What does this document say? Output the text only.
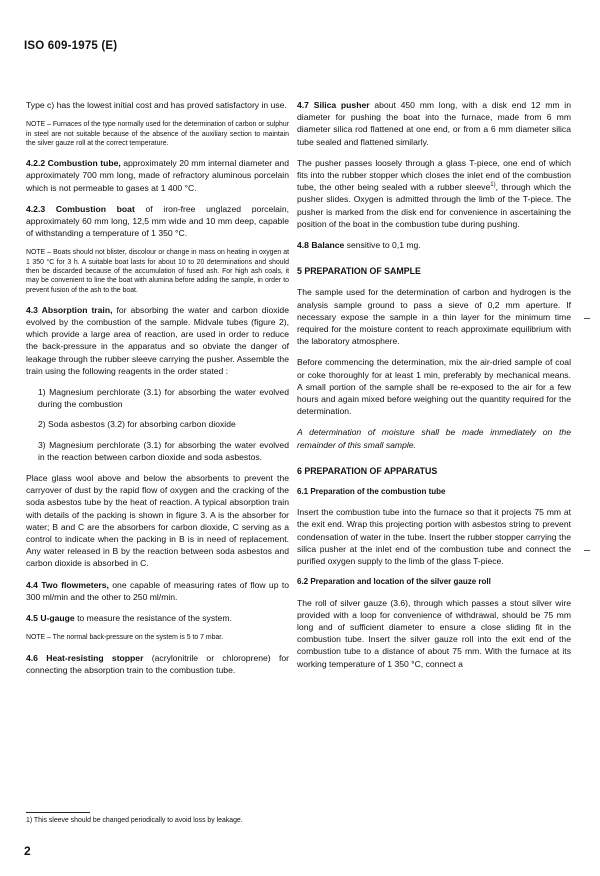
ISO 609-1975 (E)

Type c) has the lowest initial cost and has proved satisfactory in use.

NOTE – Furnaces of the type normally used for the determination of carbon or sulphur in steel are not suitable because of the absence of the auxiliary section to maintain the silver gauze roll at the correct temperature.

4.2.2 Combustion tube, approximately 20 mm internal diameter and approximately 700 mm long, made of refractory aluminous porcelain which is not permeable to gases at 1 400 °C.

4.2.3 Combustion boat of iron-free unglazed porcelain, approximately 60 mm long, 12,5 mm wide and 10 mm deep, capable of withstanding a temperature of 1 350 °C.

NOTE – Boats should not blister, discolour or change in mass on heating in oxygen at 1 350 °C for 3 h. A suitable boat lasts for about 10 to 20 determinations and should then be discarded because of the accumulation of fused ash. For high ash coals, it may be convenient to line the boat with alumina before adding the sample, in order to prevent fusion of the ash to the boat.

4.3 Absorption train, for absorbing the water and carbon dioxide evolved by the combustion of the sample. Midvale tubes (figure 2), which provide a large area of reaction, are used in order to reduce the back-pressure in the apparatus and so obviate the danger of leakage through the rubber sleeve carrying the pusher. Assemble the train using the following reagents in the order stated :

1) Magnesium perchlorate (3.1) for absorbing the water evolved during the combustion
2) Soda asbestos (3.2) for absorbing carbon dioxide
3) Magnesium perchlorate (3.1) for absorbing the water evolved in the reaction between carbon dioxide and soda asbestos.

Place glass wool above and below the absorbents to prevent the carryover of dust by the rapid flow of oxygen and the cracking of the soda asbestos tube by the heat of reaction. A typical absorption train with details of the packing is shown in figure 3. A is the absorber for water; B and C are the absorbers for carbon dioxide, C serving as a control to indicate when the packing in B is in need of replacement. Any water released in B by the reaction between soda asbestos and carbon dioxide is absorbed in C.

4.4 Two flowmeters, one capable of measuring rates of flow up to 300 ml/min and the other to 250 ml/min.

4.5 U-gauge to measure the resistance of the system.

NOTE – The normal back-pressure on the system is 5 to 7 mbar.

4.6 Heat-resisting stopper (acrylonitrile or chloroprene) for connecting the absorption train to the combustion tube.

4.7 Silica pusher about 450 mm long, with a disk end 12 mm in diameter for pushing the boat into the furnace, made from 6 mm diameter silica rod flattened at one end, or from a 6 mm diameter silica tube sealed and flattened similarly.

The pusher passes loosely through a glass T-piece, one end of which fits into the rubber stopper which closes the inlet end of the combustion tube, the other being sealed with a rubber sleeve$^{1)}$, through which the pusher slides. Oxygen is admitted through the limb of the T-piece. The pusher is marked from the disk end for convenience in ascertaining the position of the boat in the combustion tube during pushing.

4.8 Balance sensitive to 0,1 mg.

5 PREPARATION OF SAMPLE

The sample used for the determination of carbon and hydrogen is the analysis sample ground to pass a sieve of 0,2 mm aperture. If necessary expose the sample in a thin layer for the minimum time required for the moisture content to reach approximate equilibrium with the laboratory atmosphere.

Before commencing the determination, mix the air-dried sample of coal or coke thoroughly for at least 1 min, preferably by mechanical means. A small portion of the sample shall be re-exposed to the air for a few hours and again mixed before weighing out the quantity required for the determination.

A determination of moisture shall be made immediately on the remainder of this small sample.

6 PREPARATION OF APPARATUS
6.1 Preparation of the combustion tube

Insert the combustion tube into the furnace so that it projects 75 mm at the exit end. Wrap this projecting portion with asbestos string to prevent condensation of water in the tube. Insert the rubber stopper carrying the silica pusher at the inlet end of the combustion tube and connect the purified oxygen supply to the limb of the glass T-piece.

6.2 Preparation and location of the silver gauze roll

The roll of silver gauze (3.6), through which passes a stout silver wire provided with a loop for convenience of withdrawal, should be 75 mm long and of sufficient diameter to ensure a close sliding fit in the combustion tube. Insert the silver gauze roll into the exit end of the combustion tube to a distance of about 75 mm. With the furnace at its working temperature of 1 350 °C, connect a

1) This sleeve should be changed periodically to avoid loss by leakage.
2
